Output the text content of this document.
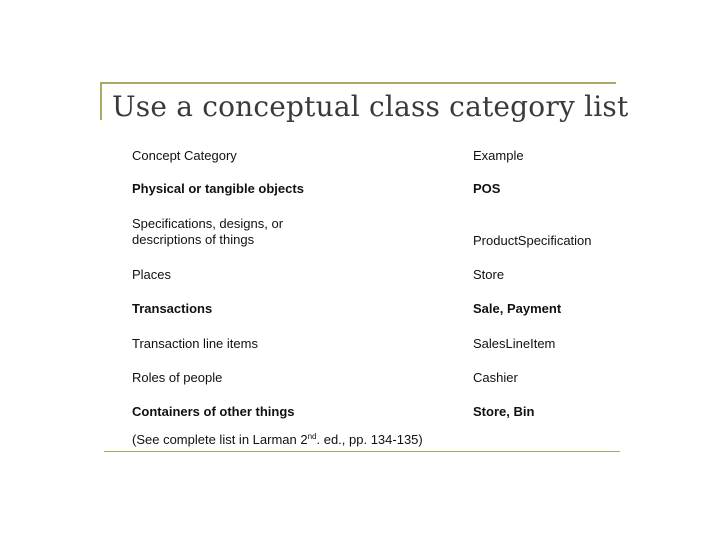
Use a conceptual class category list
Concept Category	Example
Physical or tangible objects	POS
Specifications, designs, or descriptions of things	ProductSpecification
Places	Store
Transactions	Sale, Payment
Transaction line items	SalesLineItem
Roles of people	Cashier
Containers of other things	Store, Bin
(See complete list in Larman 2nd. ed., pp. 134-135)
